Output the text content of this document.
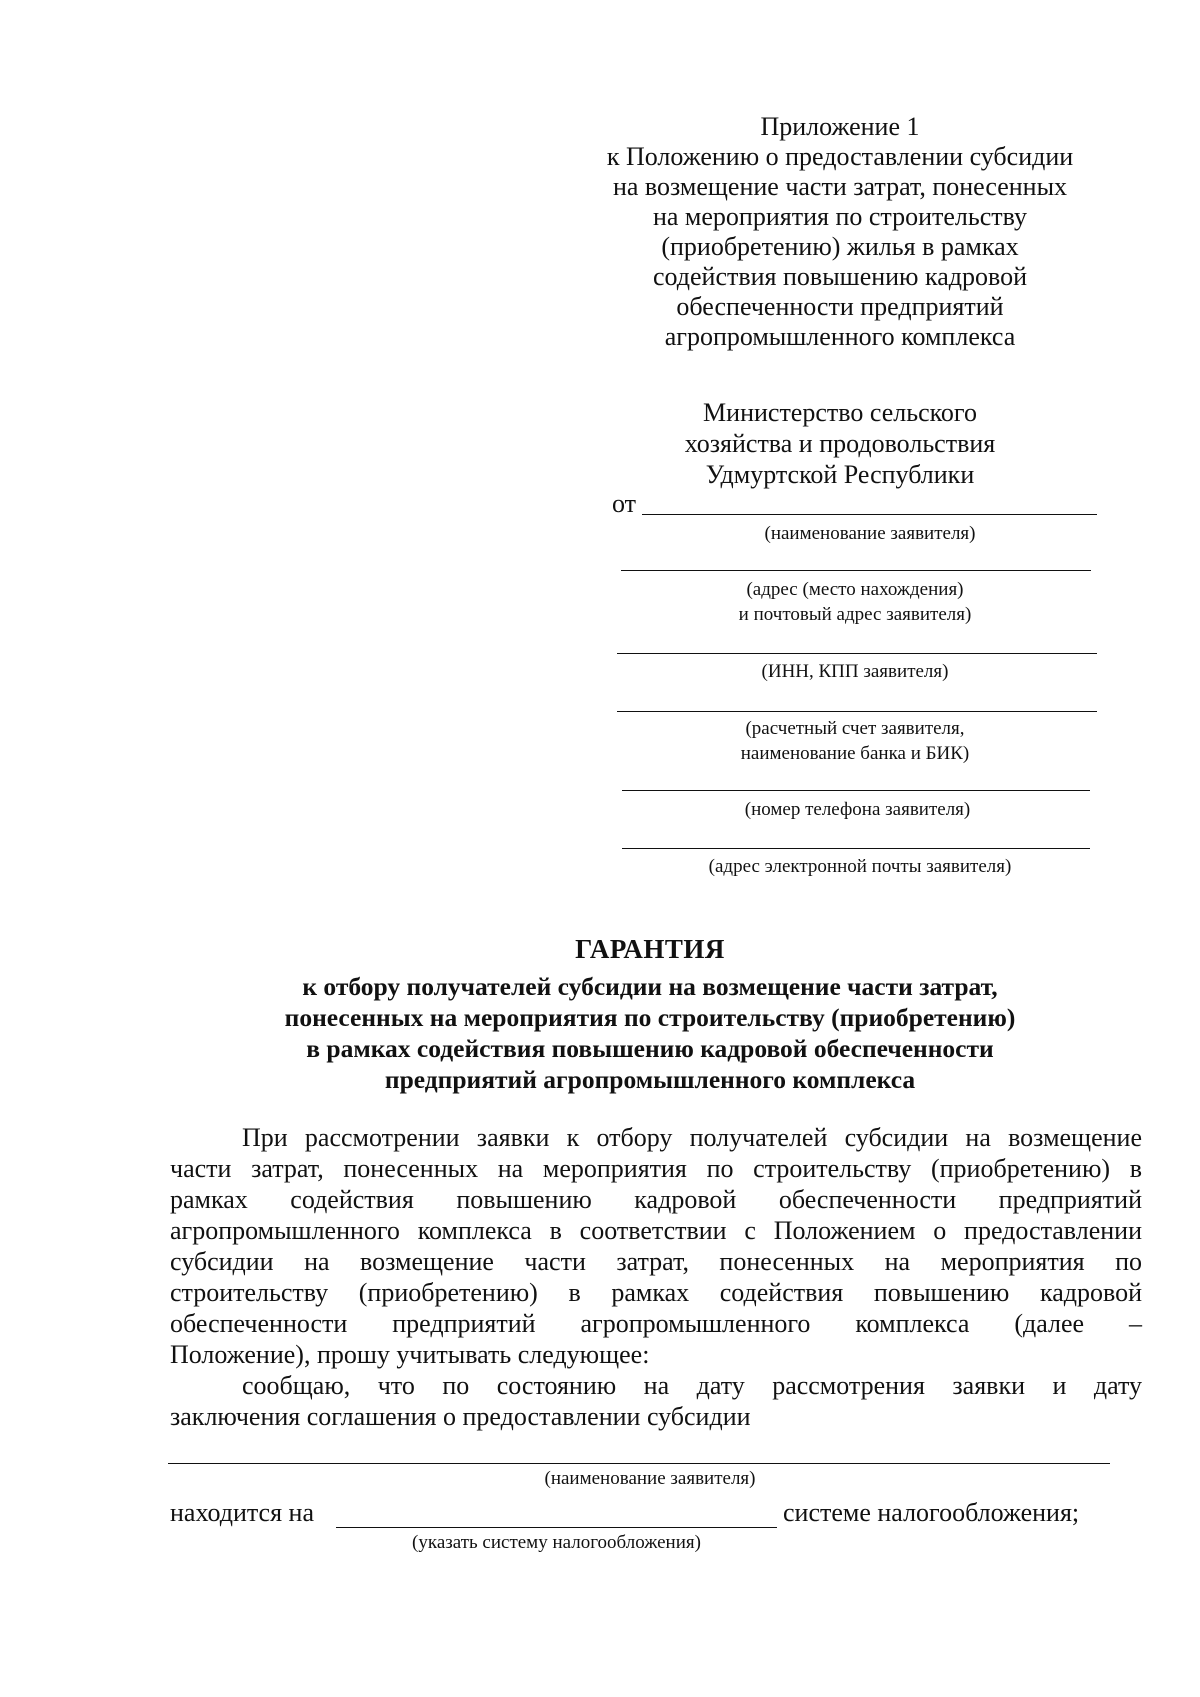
Приложение 1
к Положению о предоставлении субсидии
на возмещение части затрат, понесенных
на мероприятия по строительству
(приобретению) жилья в рамках
содействия повышению кадровой
обеспеченности предприятий
агропромышленного комплекса
Министерство сельского
хозяйства и продовольствия
Удмуртской Республики
от
(наименование заявителя)
(адрес (место нахождения)
и почтовый адрес заявителя)
(ИНН, КПП заявителя)
(расчетный счет заявителя,
наименование банка и БИК)
(номер телефона заявителя)
(адрес электронной почты заявителя)
ГАРАНТИЯ
к отбору получателей субсидии на возмещение части затрат,
понесенных на мероприятия по строительству (приобретению)
в рамках содействия повышению кадровой обеспеченности
предприятий агропромышленного комплекса
При рассмотрении заявки к отбору получателей субсидии на возмещение
части затрат, понесенных на мероприятия по строительству (приобретению) в
рамках содействия повышению кадровой обеспеченности предприятий
агропромышленного комплекса в соответствии с Положением о предоставлении
субсидии на возмещение части затрат, понесенных на мероприятия по
строительству (приобретению) в рамках содействия повышению кадровой
обеспеченности предприятий агропромышленного комплекса (далее –
Положение), прошу учитывать следующее:
сообщаю, что по состоянию на дату рассмотрения заявки и дату
заключения соглашения о предоставлении субсидии
(наименование заявителя)
находится на	системе налогообложения;
(указать систему налогообложения)
